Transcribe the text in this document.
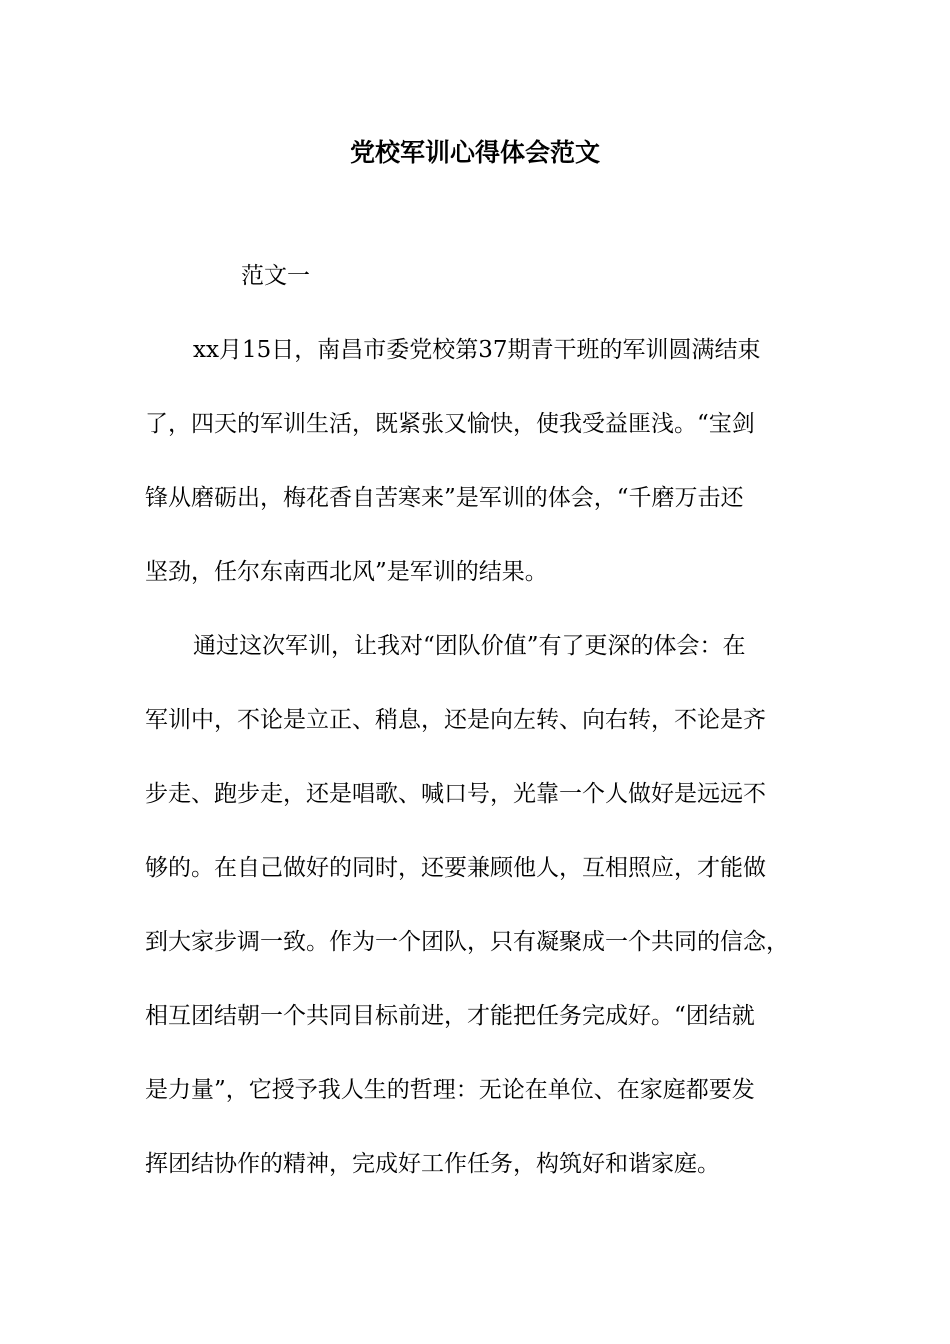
党校军训心得体会范文
范文一
xx月15日，南昌市委党校第37期青干班的军训圆满结束
了，四天的军训生活，既紧张又愉快，使我受益匪浅。“宝剑
锋从磨砺出，梅花香自苦寒来”是军训的体会，“千磨万击还
坚劲，任尔东南西北风”是军训的结果。
通过这次军训，让我对“团队价值”有了更深的体会：在
军训中，不论是立正、稍息，还是向左转、向右转，不论是齐
步走、跑步走，还是唱歌、喊口号，光靠一个人做好是远远不
够的。在自己做好的同时，还要兼顾他人，互相照应，才能做
到大家步调一致。作为一个团队，只有凝聚成一个共同的信念，
相互团结朝一个共同目标前进，才能把任务完成好。“团结就
是力量”，它授予我人生的哲理：无论在单位、在家庭都要发
挥团结协作的精神，完成好工作任务，构筑好和谐家庭。
